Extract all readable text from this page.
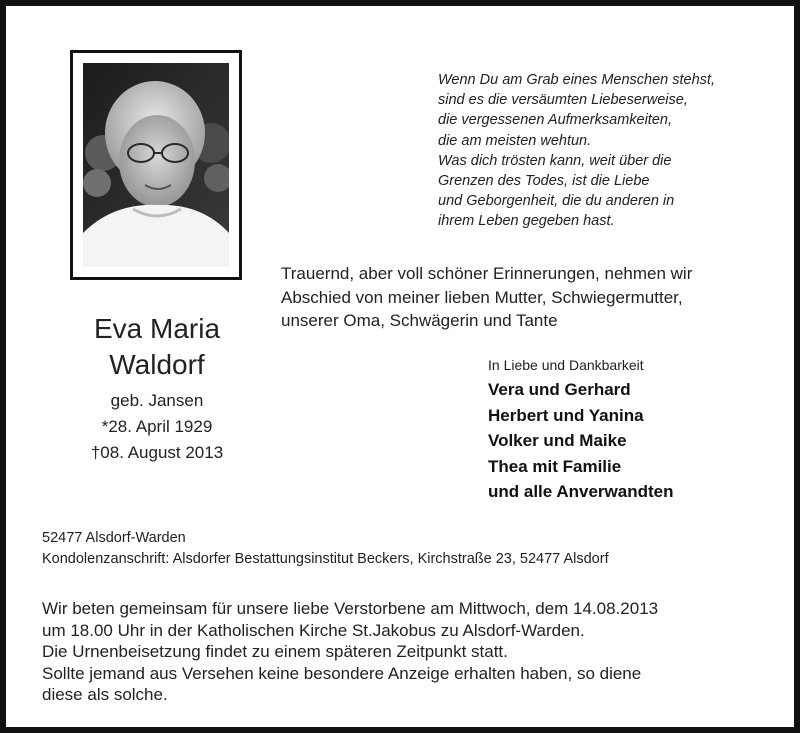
Eva Maria
Waldorf
geb. Jansen
*28. April 1929
†08. August 2013
Wenn Du am Grab eines Menschen stehst,
sind es die versäumten Liebeserweise,
die vergessenen Aufmerksamkeiten,
die am meisten wehtun.
Was dich trösten kann, weit über die
Grenzen des Todes, ist die Liebe
und Geborgenheit, die du anderen in
ihrem Leben gegeben hast.
Trauernd, aber voll schöner Erinnerungen, nehmen wir
Abschied von meiner lieben Mutter, Schwiegermutter,
unserer Oma, Schwägerin und Tante
In Liebe und Dankbarkeit
Vera und Gerhard
Herbert und Yanina
Volker und Maike
Thea mit Familie
und alle Anverwandten
52477 Alsdorf-Warden
Kondolenzanschrift: Alsdorfer Bestattungsinstitut Beckers, Kirchstraße 23, 52477 Alsdorf
Wir beten gemeinsam für unsere liebe Verstorbene am Mittwoch, dem 14.08.2013
um 18.00 Uhr in der Katholischen Kirche St.Jakobus zu Alsdorf-Warden.
Die Urnenbeisetzung findet zu einem späteren Zeitpunkt statt.
Sollte jemand aus Versehen keine besondere Anzeige erhalten haben, so diene
diese als solche.
